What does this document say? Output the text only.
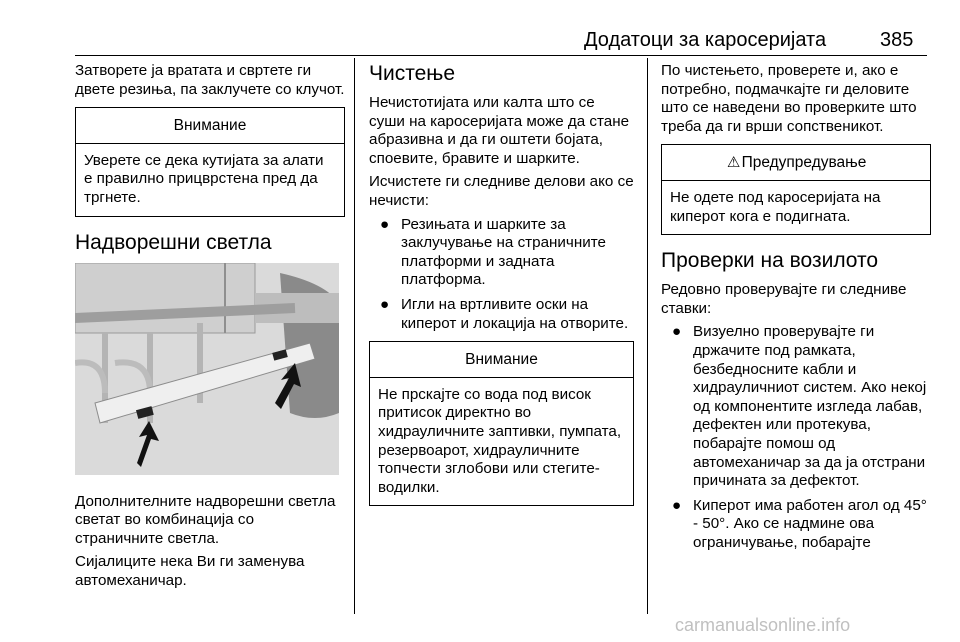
Додатоци за каросеријата	385

Затворете ја вратата и свртете ги двете резиња, па заклучете со клучот.

Внимание
Уверете се дека кутијата за алати е правилно прицврстена пред да тргнете.
Надворешни светла

Дополнителните надворешни светла светат во комбинација со страничните светла.

Сијалиците нека Ви ги заменува автомеханичар.

Чистење

Нечистотијата или калта што се суши на каросеријата може да стане абразивна и да ги оштети бојата, споевите, бравите и шарките.

Исчистете ги следниве делови ако се нечисти:

● Резињата и шарките за заклучување на страничните платформи и задната платформа.
● Игли на вртливите оски на киперот и локација на отворите.
Внимание
Не прскајте со вода под висок притисок директно во хидрауличните заптивки, пумпата, резервоарот, хидрауличните топчести зглобови или стегите-водилки.

По чистењето, проверете и, ако е потребно, подмачкајте ги деловите што се наведени во проверките што треба да ги врши сопственикот.

⚠Предупредување
Не одете под каросеријата на киперот кога е подигната.
Проверки на возилото

Редовно проверувајте ги следниве ставки:

● Визуелно проверувајте ги држачите под рамката, безбедносните кабли и хидрауличниот систем. Ако некој од компонентите изгледа лабав, дефектен или протекува, побарајте помош од автомеханичар за да ја отстрани причината за дефектот.
● Киперот има работен агол од 45° - 50°. Ако се надмине ова ограничување, побарајте
carmanualsonline.info
